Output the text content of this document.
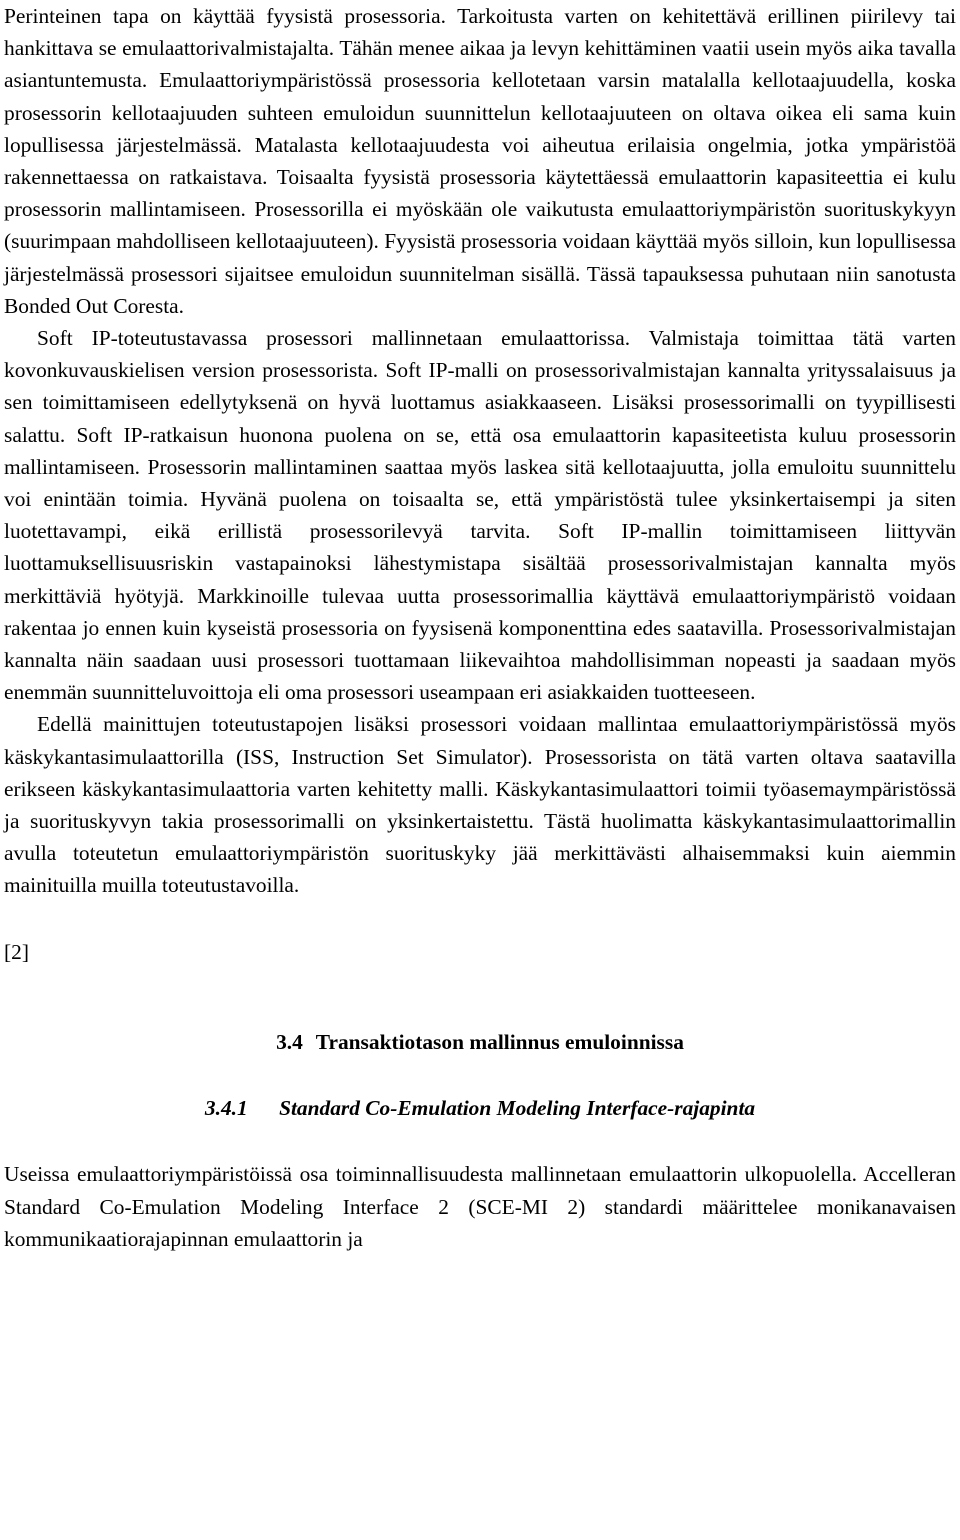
Perinteinen tapa on käyttää fyysistä prosessoria. Tarkoitusta varten on kehitettävä erillinen piirilevy tai hankittava se emulaattorivalmistajalta. Tähän menee aikaa ja levyn kehittäminen vaatii usein myös aika tavalla asiantuntemusta. Emulaattoriympäristössä prosessoria kellotetaan varsin matalalla kellotaajuudella, koska prosessorin kellotaajuuden suhteen emuloidun suunnittelun kellotaajuuteen on oltava oikea eli sama kuin lopullisessa järjestelmässä. Matalasta kellotaajuudesta voi aiheutua erilaisia ongelmia, jotka ympäristöä rakennettaessa on ratkaistava. Toisaalta fyysistä prosessoria käytettäessä emulaattorin kapasiteettia ei kulu prosessorin mallintamiseen. Prosessorilla ei myöskään ole vaikutusta emulaattoriympäristön suorituskykyyn (suurimpaan mahdolliseen kellotaajuuteen). Fyysistä prosessoria voidaan käyttää myös silloin, kun lopullisessa järjestelmässä prosessori sijaitsee emuloidun suunnitelman sisällä. Tässä tapauksessa puhutaan niin sanotusta Bonded Out Coresta.

Soft IP-toteutustavassa prosessori mallinnetaan emulaattorissa. Valmistaja toimittaa tätä varten kovonkuvauskielisen version prosessorista. Soft IP-malli on prosessorivalmistajan kannalta yrityssalaisuus ja sen toimittamiseen edellytyksenä on hyvä luottamus asiakkaaseen. Lisäksi prosessorimalli on tyypillisesti salattu. Soft IP-ratkaisun huonona puolena on se, että osa emulaattorin kapasiteetista kuluu prosessorin mallintamiseen. Prosessorin mallintaminen saattaa myös laskea sitä kellotaajuutta, jolla emuloitu suunnittelu voi enintään toimia. Hyvänä puolena on toisaalta se, että ympäristöstä tulee yksinkertaisempi ja siten luotettavampi, eikä erillistä prosessorilevyä tarvita. Soft IP-mallin toimittamiseen liittyvän luottamuksellisuusriskin vastapainoksi lähestymistapa sisältää prosessorivalmistajan kannalta myös merkittäviä hyötyjä. Markkinoille tulevaa uutta prosessorimallia käyttävä emulaattoriympäristö voidaan rakentaa jo ennen kuin kyseistä prosessoria on fyysisenä komponenttina edes saatavilla. Prosessorivalmistajan kannalta näin saadaan uusi prosessori tuottamaan liikevaihtoa mahdollisimman nopeasti ja saadaan myös enemmän suunnitteluvoittoja eli oma prosessori useampaan eri asiakkaiden tuotteeseen.

Edellä mainittujen toteutustapojen lisäksi prosessori voidaan mallintaa emulaattoriympäristössä myös käskykantasimulaattorilla (ISS, Instruction Set Simulator). Prosessorista on tätä varten oltava saatavilla erikseen käskykantasimulaattoria varten kehitetty malli. Käskykantasimulaattori toimii työasemaympäristössä ja suorituskyvyn takia prosessorimalli on yksinkertaistettu. Tästä huolimatta käskykantasimulaattorimallin avulla toteutetun emulaattoriympäristön suorituskyky jää merkittävästi alhaisemmaksi kuin aiemmin mainituilla muilla toteutustavoilla.

[2]

3.4 Transaktiotason mallinnus emuloinnissa
3.4.1 Standard Co-Emulation Modeling Interface-rajapinta

Useissa emulaattoriympäristöissä osa toiminnallisuudesta mallinnetaan emulaattorin ulkopuolella. Accelleran Standard Co-Emulation Modeling Interface 2 (SCE-MI 2) standardi määrittelee monikanavaisen kommunikaatiorajapinnan emulaattorin ja
